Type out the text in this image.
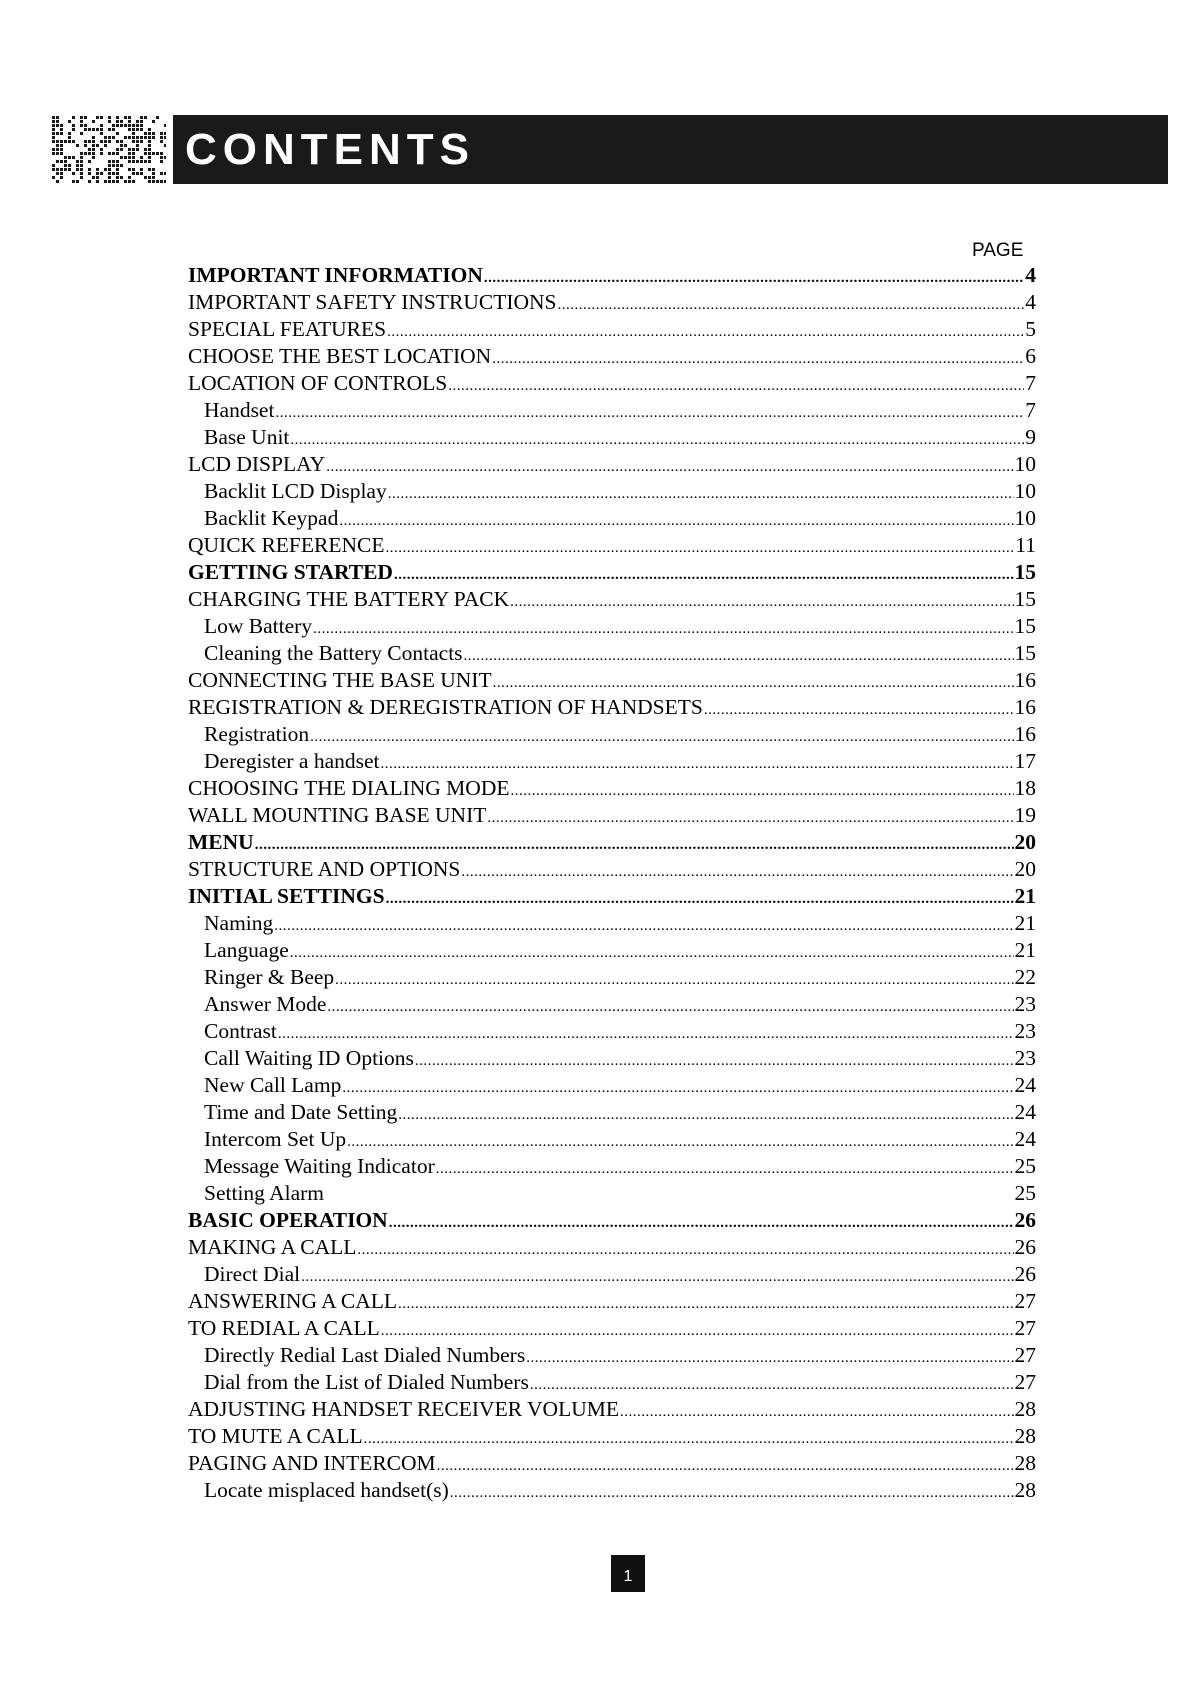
CONTENTS
PAGE
IMPORTANT INFORMATION .....	4
IMPORTANT SAFETY INSTRUCTIONS .....	4
SPECIAL FEATURES .....	5
CHOOSE THE BEST LOCATION .....	6
LOCATION OF CONTROLS .....	7
Handset .....	7
Base Unit .....	9
LCD DISPLAY .....	10
Backlit LCD Display .....	10
Backlit Keypad .....	10
QUICK REFERENCE .....	11
GETTING STARTED .....	15
CHARGING THE BATTERY PACK .....	15
Low Battery .....	15
Cleaning the Battery Contacts .....	15
CONNECTING THE BASE UNIT .....	16
REGISTRATION & DEREGISTRATION OF HANDSETS .....	16
Registration .....	16
Deregister a handset .....	17
CHOOSING THE DIALING MODE .....	18
WALL MOUNTING BASE UNIT .....	19
MENU .....	20
STRUCTURE AND OPTIONS .....	20
INITIAL SETTINGS .....	21
Naming .....	21
Language .....	21
Ringer & Beep .....	22
Answer Mode .....	23
Contrast .....	23
Call Waiting ID Options .....	23
New Call Lamp .....	24
Time and Date Setting .....	24
Intercom Set Up .....	24
Message Waiting Indicator .....	25
Setting Alarm	25
BASIC OPERATION .....	26
MAKING A CALL .....	26
Direct Dial .....	26
ANSWERING A CALL .....	27
TO REDIAL A CALL .....	27
Directly Redial Last Dialed Numbers .....	27
Dial from the List of Dialed Numbers .....	27
ADJUSTING HANDSET RECEIVER VOLUME .....	28
TO MUTE A CALL .....	28
PAGING AND INTERCOM .....	28
Locate misplaced handset(s) .....	28
1
